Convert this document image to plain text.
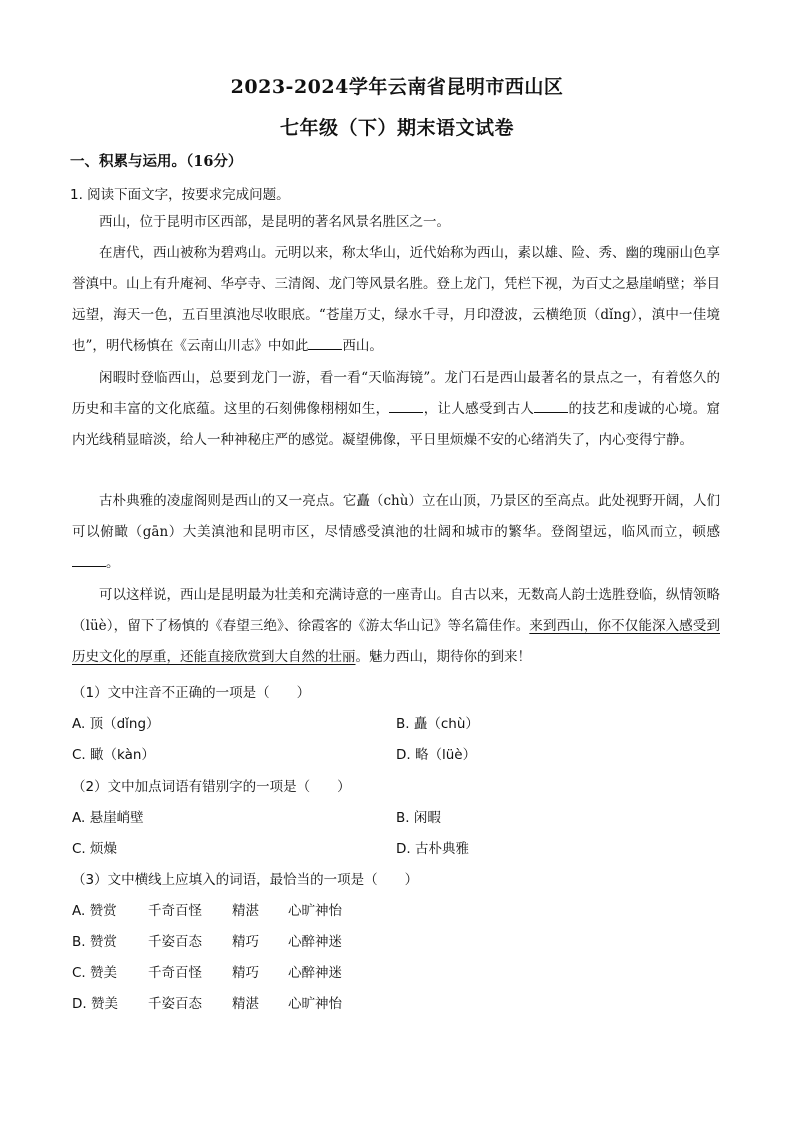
2023-2024学年云南省昆明市西山区
七年级（下）期末语文试卷
一、积累与运用。（16分）
1. 阅读下面文字，按要求完成问题。
西山，位于昆明市区西部，是昆明的著名风景名胜区之一。
在唐代，西山被称为碧鸡山。元明以来，称太华山，近代始称为西山，素以雄、险、秀、幽的瑰丽山色享誉滇中。山上有升庵祠、华亭寺、三清阁、龙门等风景名胜。登上龙门，凭栏下视，为百丈之悬崖峭壁；举目远望，海天一色，五百里滇池尽收眼底。“苍崖万丈，绿水千寻，月印澄波，云横绝顶（dǐng），滇中一佳境也”，明代杨慎在《云南山川志》中如此	西山。
闲暇时登临西山，总要到龙门一游，看一看“天临海镜”。龙门石是西山最著名的景点之一，有着悠久的历史和丰富的文化底蕴。这里的石刻佛像栩栩如生，	，让人感受到古人	的技艺和虔诚的心境。窟内光线稍显暗淡，给人一种神秘庄严的感觉。凝望佛像，平日里烦燥不安的心绪消失了，内心变得宁静。
古朴典雅的凌虚阁则是西山的又一亮点。它矗（chù）立在山顶，乃景区的至高点。此处视野开阔，人们可以俯瞰（gān）大美滇池和昆明市区，尽情感受滇池的壮阔和城市的繁华。登阁望远，临风而立，顿感。
可以这样说，西山是昆明最为壮美和充满诗意的一座青山。自古以来，无数高人韵士选胜登临，纵情领略（lüè），留下了杨慎的《春望三绝》、徐霞客的《游太华山记》等名篇佳作。来到西山，你不仅能深入感受到历史文化的厚重，还能直接欣赏到大自然的壮丽。魅力西山，期待你的到来！
（1）文中注音不正确的一项是（　　）
A. 顶（dǐng）	B. 矗（chù）
C. 瞰（kàn）	D. 略（lüè）
（2）文中加点词语有错别字的一项是（　　）
A. 悬崖峭壁	B. 闲暇
C. 烦燥	D. 古朴典雅
（3）文中横线上应填入的词语，最恰当的一项是（　　）
A. 赞赏 千奇百怪 精湛 心旷神怡
B. 赞赏 千姿百态 精巧 心醉神迷
C. 赞美 千奇百怪 精巧 心醉神迷
D. 赞美 千姿百态 精湛 心旷神怡
